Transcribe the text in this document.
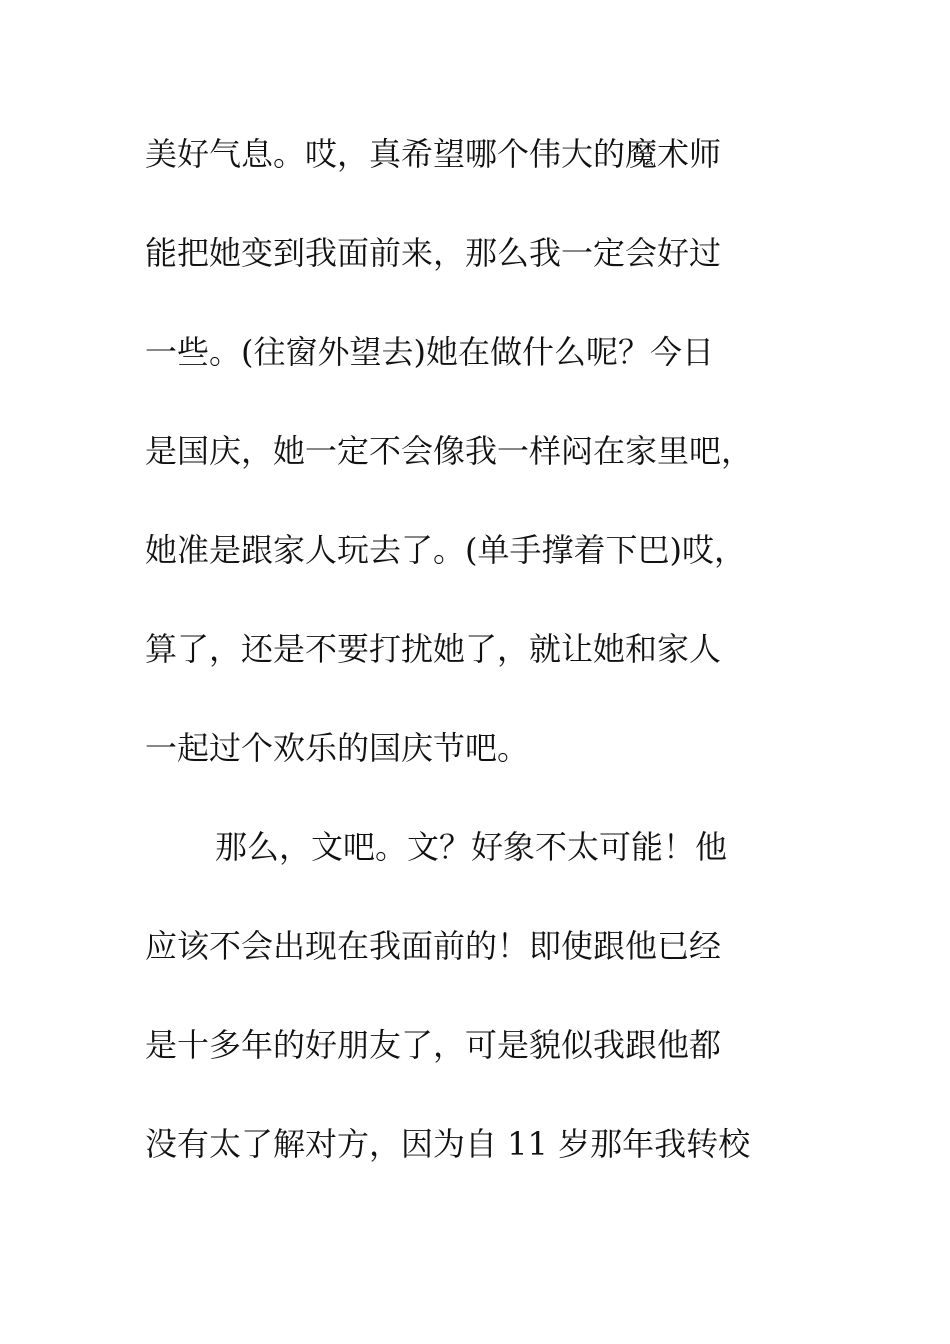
美好气息。哎，真希望哪个伟大的魔术师
能把她变到我面前来，那么我一定会好过
一些。(往窗外望去)她在做什么呢？今日
是国庆，她一定不会像我一样闷在家里吧，
她准是跟家人玩去了。(单手撑着下巴)哎，
算了，还是不要打扰她了，就让她和家人
一起过个欢乐的国庆节吧。
那么，文吧。文？好象不太可能！他
应该不会出现在我面前的！即使跟他已经
是十多年的好朋友了，可是貌似我跟他都
没有太了解对方，因为自 11 岁那年我转校
